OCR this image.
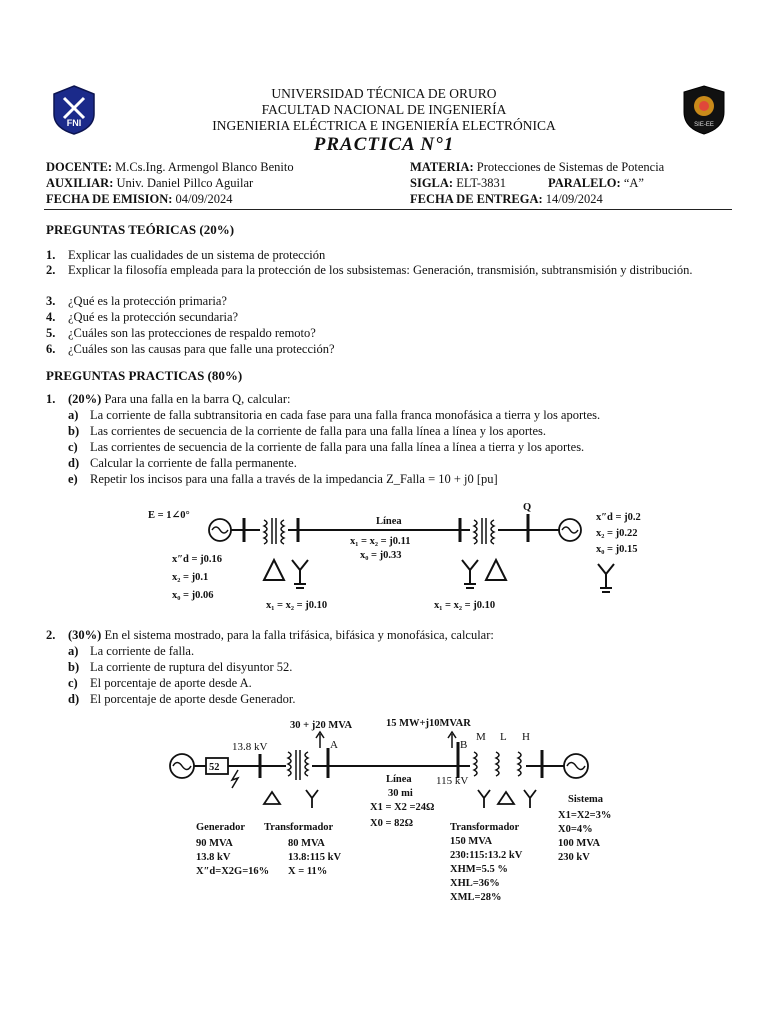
FNI	SIE-EE
UNIVERSIDAD TÉCNICA DE ORURO
FACULTAD NACIONAL DE INGENIERÍA
INGENIERIA ELÉCTRICA E INGENIERÍA ELECTRÓNICA
PRACTICA N°1
DOCENTE: M.Cs.Ing. Armengol Blanco Benito
AUXILIAR: Univ. Daniel Pillco Aguilar
FECHA DE EMISION: 04/09/2024
MATERIA: Protecciones de Sistemas de Potencia
SIGLA: ELT-3831	PARALELO: “A”
FECHA DE ENTREGA: 14/09/2024
PREGUNTAS TEÓRICAS (20%)
1. Explicar las cualidades de un sistema de protección
2. Explicar la filosofía empleada para la protección de los subsistemas: Generación, transmisión, subtransmisión y distribución.
3. ¿Qué es la protección primaria?
4. ¿Qué es la protección secundaria?
5. ¿Cuáles son las protecciones de respaldo remoto?
6. ¿Cuáles son las causas para que falle una protección?
PREGUNTAS PRACTICAS (80%)
1. (20%) Para una falla en la barra Q, calcular:
a) La corriente de falla subtransitoria en cada fase para una falla franca monofásica a tierra y los aportes.
b) Las corrientes de secuencia de la corriente de falla para una falla línea a línea y los aportes.
c) Las corrientes de secuencia de la corriente de falla para una falla línea a línea a tierra y los aportes.
d) Calcular la corriente de falla permanente.
e) Repetir los incisos para una falla a través de la impedancia Z_Falla = 10 + j0 [pu]
E = 1∠0°
Línea
x₁ = x₂ = j0.11
x₀ = j0.33
Q
x″d = j0.2
x₂ = j0.22
x₀ = j0.15
x″d = j0.16
x₂ = j0.1
x₀ = j0.06
x₁ = x₂ = j0.10	x₁ = x₂ = j0.10
2. (30%) En el sistema mostrado, para la falla trifásica, bifásica y monofásica, calcular:
a) La corriente de falla.
b) La corriente de ruptura del disyuntor 52.
c) El porcentaje de aporte desde A.
d) El porcentaje de aporte desde Generador.
52
13.8 kV	A
30 + j20 MVA
Línea
30 mi
X1 = X2 =24Ω
X0 = 82Ω
B
15 MW+j10MVAR
115 kV
M L H
Sistema
X1=X2=3%
X0=4%
100 MVA
230 kV
Generador
90 MVA
13.8 kV
X″d=X2G=16%
Transformador
80 MVA
13.8:115 kV
X = 11%
Transformador
150 MVA
230:115:13.2 kV
XHM=5.5 %
XHL=36%
XML=28%
